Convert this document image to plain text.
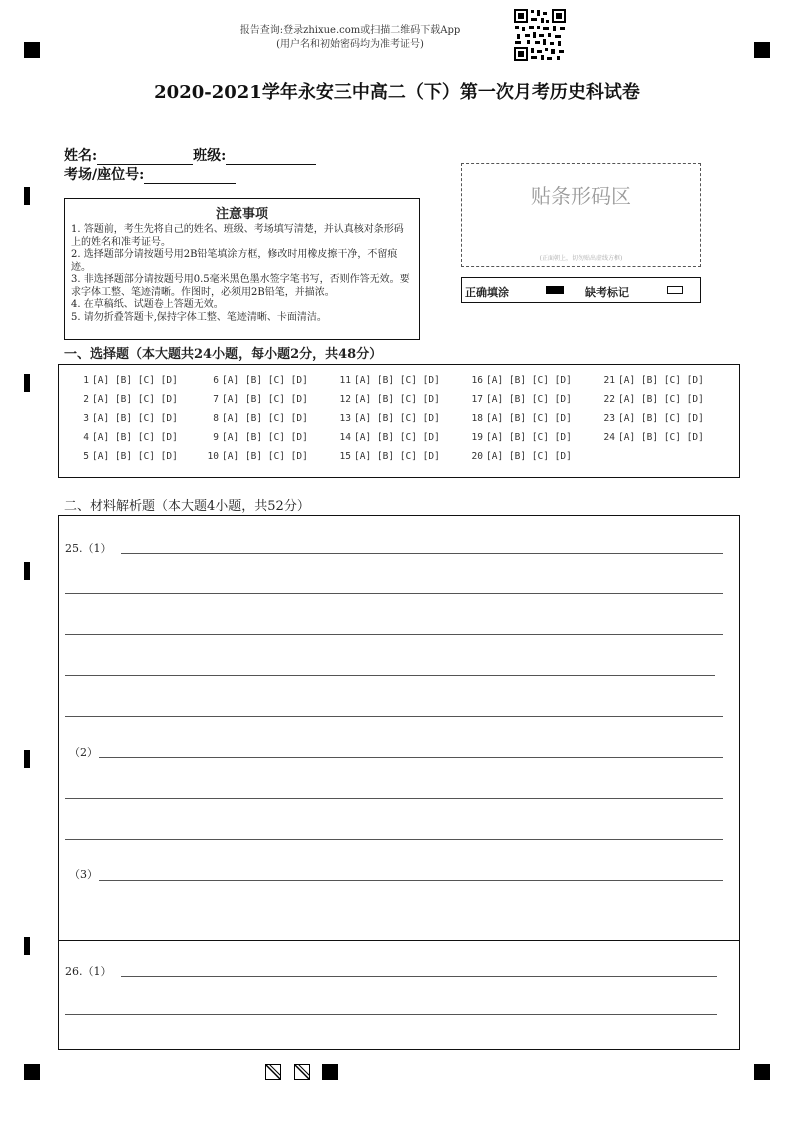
报告查询:登录zhixue.com或扫描二维码下载App
(用户名和初始密码均为准考证号)
2020-2021学年永安三中高二（下）第一次月考历史科试卷
姓名:	班级:
考场/座位号:
注意事项
1. 答题前，考生先将自己的姓名、班级、考场填写清楚，并认真核对条形码上的姓名和准考证号。
2. 选择题部分请按题号用2B铅笔填涂方框，修改时用橡皮擦干净，不留痕迹。
3. 非选择题部分请按题号用0.5毫米黑色墨水签字笔书写，否则作答无效。要求字体工整、笔迹清晰。作图时，必须用2B铅笔，并描浓。
4. 在草稿纸、试题卷上答题无效。
5. 请勿折叠答题卡,保持字体工整、笔迹清晰、卡面清洁。
贴条形码区
(正面朝上，切勿贴出虚线方框)
正确填涂	缺考标记
一、选择题（本大题共24小题，每小题2分，共48分）
1 [A] [B] [C] [D]
2 [A] [B] [C] [D]
3 [A] [B] [C] [D]
4 [A] [B] [C] [D]
5 [A] [B] [C] [D]
6 [A] [B] [C] [D]
7 [A] [B] [C] [D]
8 [A] [B] [C] [D]
9 [A] [B] [C] [D]
10 [A] [B] [C] [D]
11 [A] [B] [C] [D]
12 [A] [B] [C] [D]
13 [A] [B] [C] [D]
14 [A] [B] [C] [D]
15 [A] [B] [C] [D]
16 [A] [B] [C] [D]
17 [A] [B] [C] [D]
18 [A] [B] [C] [D]
19 [A] [B] [C] [D]
20 [A] [B] [C] [D]
21 [A] [B] [C] [D]
22 [A] [B] [C] [D]
23 [A] [B] [C] [D]
24 [A] [B] [C] [D]
二、材料解析题（本大题4小题，共52分）
25.（1）
（2）
（3）
26.（1）
